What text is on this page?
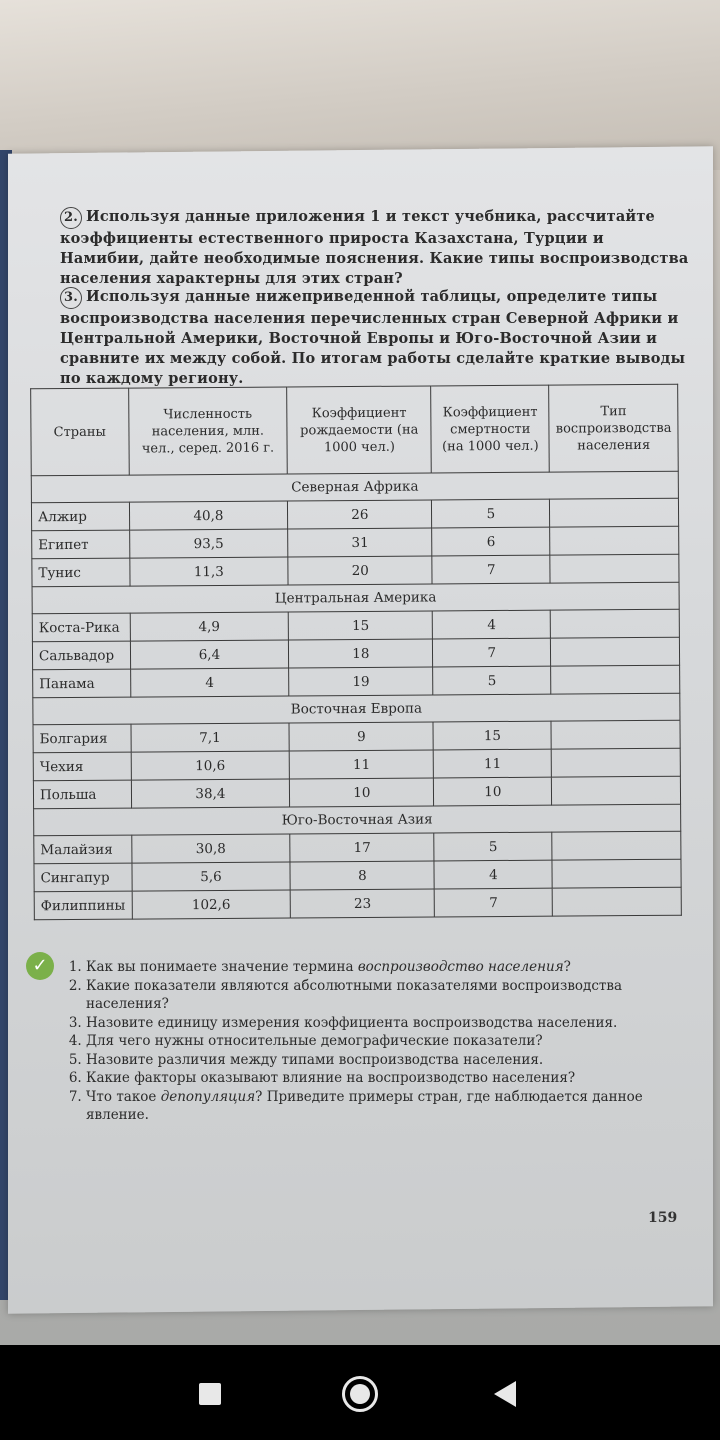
2. Используя данные приложения 1 и текст учебника, рассчитайте коэффициенты естественного прироста Казахстана, Турции и Намибии, дайте необходимые пояснения. Какие типы воспроизводства населения характерны для этих стран?
3. Используя данные нижеприведенной таблицы, определите типы воспроизводства населения перечисленных стран Северной Африки и Центральной Америки, Восточной Европы и Юго-Восточной Азии и сравните их между собой. По итогам работы сделайте краткие выводы по каждому региону.
Страны	Численность населения, млн. чел., серед. 2016 г.	Коэффициент рождаемости (на 1000 чел.)	Коэффициент смертности (на 1000 чел.)	Тип воспроизводства населения
Северная Африка				
Алжир	40,8	26	5	
Египет	93,5	31	6	
Тунис	11,3	20	7	
Центральная Америка				
Коста-Рика	4,9	15	4	
Сальвадор	6,4	18	7	
Панама	4	19	5	
Восточная Европа				
Болгария	7,1	9	15	
Чехия	10,6	11	11	
Польша	38,4	10	10	
Юго-Восточная Азия				
Малайзия	30,8	17	5	
Сингапур	5,6	8	4	
Филиппины	102,6	23	7	
✓	1. Как вы понимаете значение термина воспроизводство населения?
2. Какие показатели являются абсолютными показателями воспроизводства населения?
3. Назовите единицу измерения коэффициента воспроизводства населения.
4. Для чего нужны относительные демографические показатели?
5. Назовите различия между типами воспроизводства населения.
6. Какие факторы оказывают влияние на воспроизводство населения?
7. Что такое депопуляция? Приведите примеры стран, где наблюдается данное явление.
159
